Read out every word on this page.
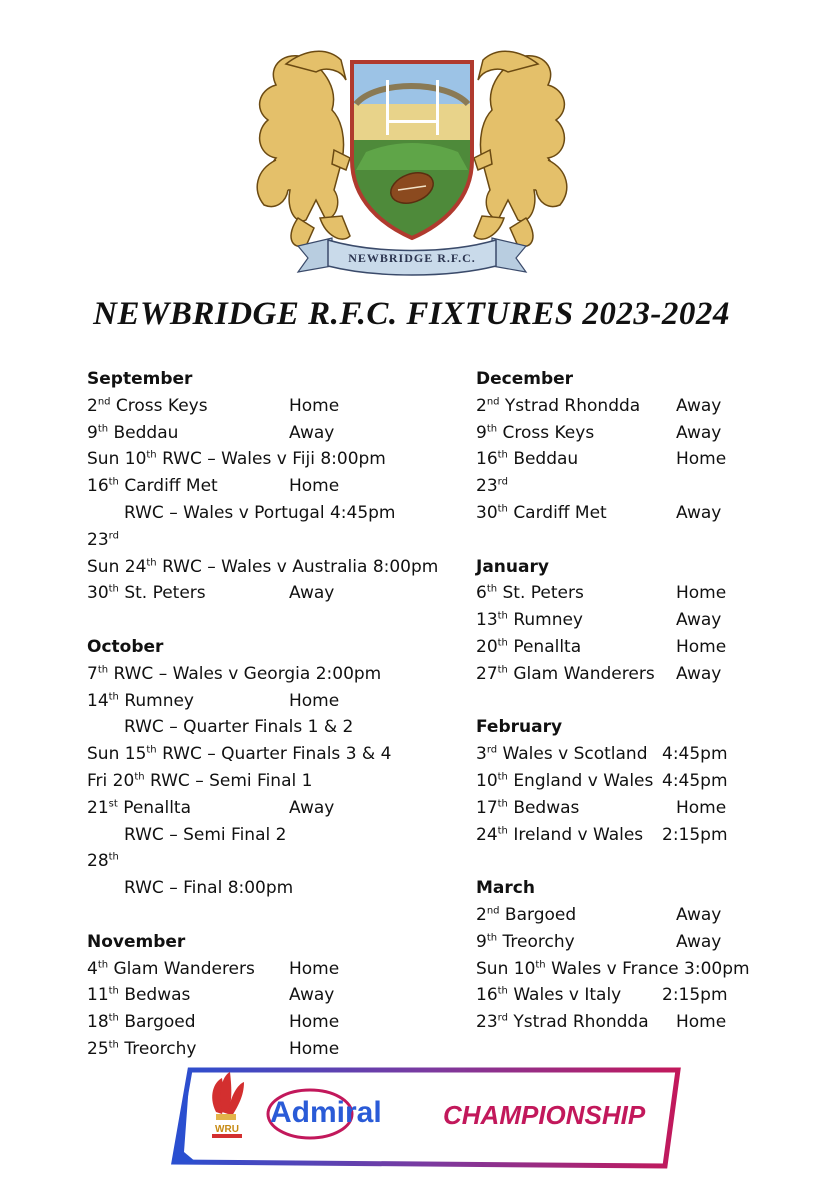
NEWBRIDGE R.F.C.
NEWBRIDGE R.F.C. FIXTURES 2023-2024
September
2nd Cross Keys	Home
9th Beddau	Away
Sun 10th RWC – Wales v Fiji 8:00pm
16th Cardiff Met	Home
RWC – Wales v Portugal 4:45pm
23rd
Sun 24th RWC – Wales v Australia 8:00pm
30th St. Peters	Away
October
7th RWC – Wales v Georgia 2:00pm
14th Rumney	Home
RWC – Quarter Finals 1 & 2
Sun 15th RWC – Quarter Finals 3 & 4
Fri 20th RWC – Semi Final 1
21st Penallta	Away
RWC – Semi Final 2
28th
RWC – Final 8:00pm
November
4th Glam Wanderers Home
11th Bedwas	Away
18th Bargoed	Home
25th Treorchy	Home
December
2nd Ystrad Rhondda Away
9th Cross Keys	Away
16th Beddau	Home
23rd
30th Cardiff Met	Away
January
6th St. Peters	Home
13th Rumney	Away
20th Penallta	Home
27th Glam Wanderers Away
February
3rd Wales v Scotland 4:45pm
10th England v Wales 4:45pm
17th Bedwas	Home
24th Ireland v Wales 2:15pm
March
2nd Bargoed	Away
9th Treorchy	Away
Sun 10th Wales v France 3:00pm
16th Wales v Italy 2:15pm
23rd Ystrad Rhondda Home
WRU
Admiral CHAMPIONSHIP
